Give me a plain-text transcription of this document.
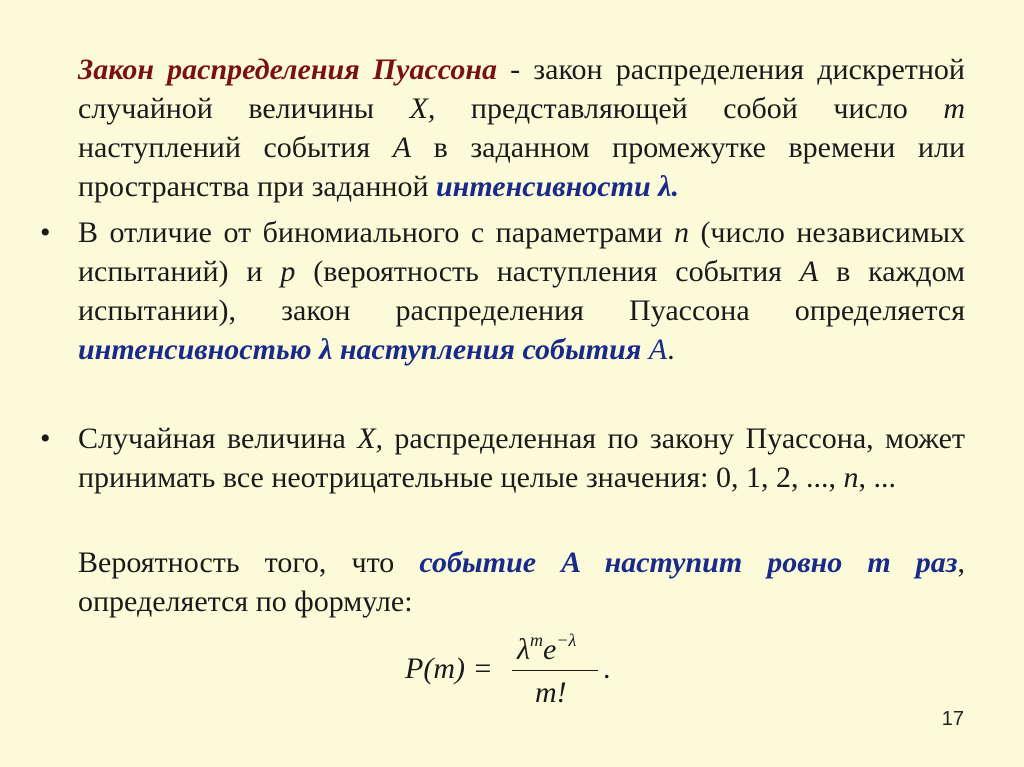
Закон распределения Пуассона - закон распределения дискретной случайной величины X, представляющей собой число m наступлений события A в заданном промежутке времени или пространства при заданной интенсивности λ.

• В отличие от биномиального с параметрами n (число независимых испытаний) и p (вероятность наступления события A в каждом испытании), закон распределения Пуассона определяется интенсивностью λ наступления события A.

• Случайная величина X, распределенная по закону Пуассона, может принимать все неотрицательные целые значения: 0, 1, 2, ..., n, ...

Вероятность того, что событие A наступит ровно m раз, определяется по формуле:

P(m) =
$\lambda^me^{-\lambda}$
m!
.
17
